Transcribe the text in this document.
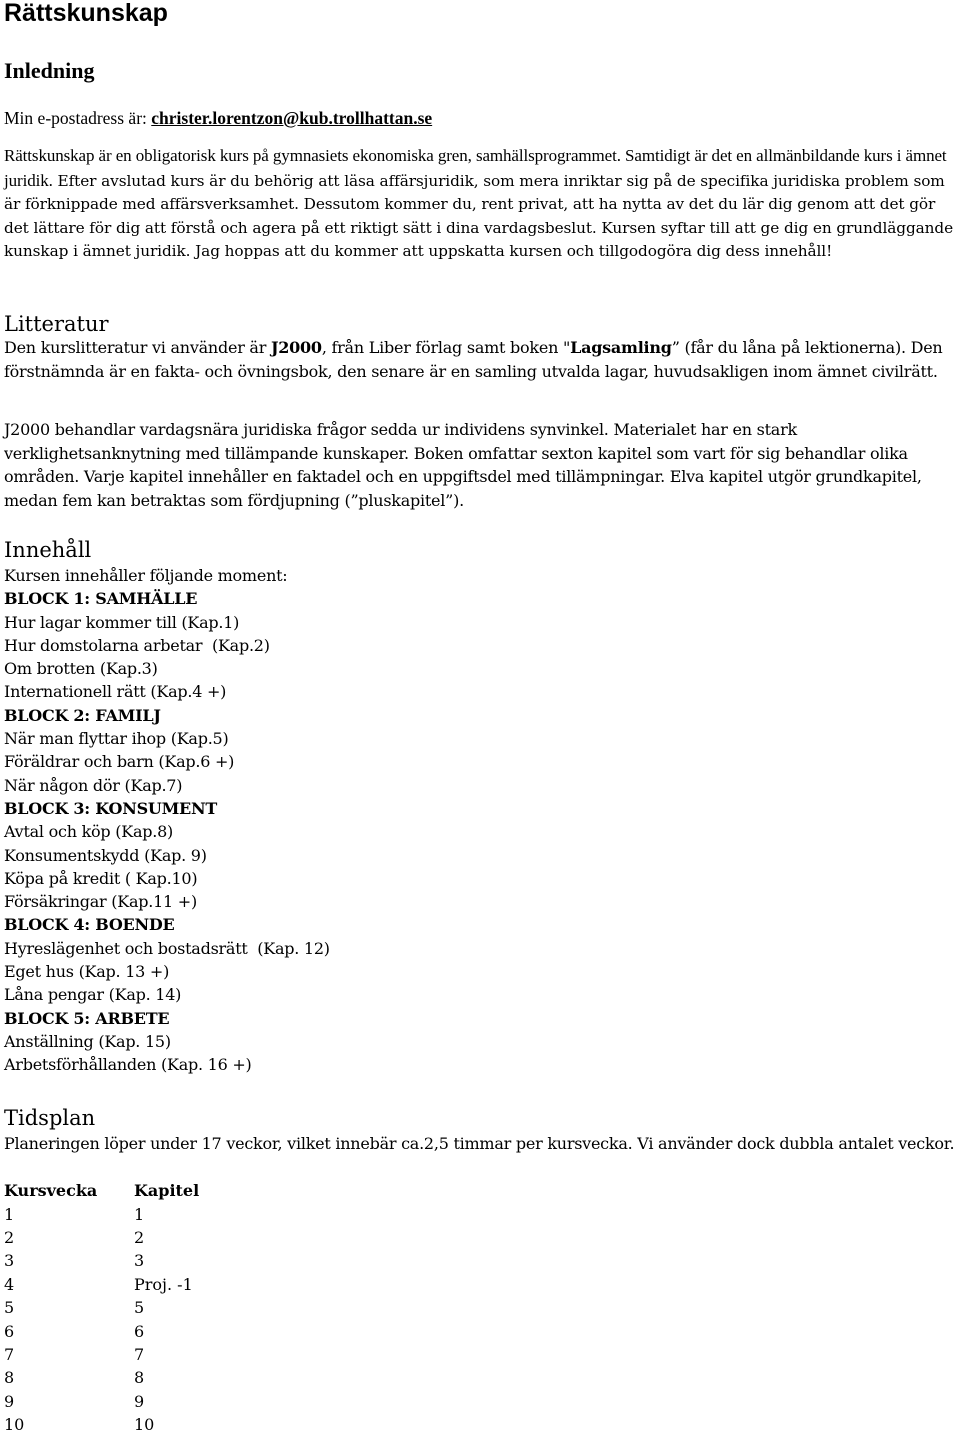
Rättskunskap
Inledning

Min e-postadress är: christer.lorentzon@kub.trollhattan.se

Rättskunskap är en obligatorisk kurs på gymnasiets ekonomiska gren, samhällsprogrammet. Samtidigt är det en allmänbildande kurs i ämnet juridik. Efter avslutad kurs är du behörig att läsa affärsjuridik, som mera inriktar sig på de specifika juridiska problem som är förknippade med affärsverksamhet. Dessutom kommer du, rent privat, att ha nytta av det du lär dig genom att det gör det lättare för dig att förstå och agera på ett riktigt sätt i dina vardagsbeslut. Kursen syftar till att ge dig en grundläggande kunskap i ämnet juridik. Jag hoppas att du kommer att uppskatta kursen och tillgodogöra dig dess innehåll!

Litteratur

Den kurslitteratur vi använder är J2000, från Liber förlag samt boken "Lagsamling” (får du låna på lektionerna). Den förstnämnda är en fakta- och övningsbok, den senare är en samling utvalda lagar, huvudsakligen inom ämnet civilrätt.

J2000 behandlar vardagsnära juridiska frågor sedda ur individens synvinkel. Materialet har en stark verklighetsanknytning med tillämpande kunskaper. Boken omfattar sexton kapitel som vart för sig behandlar olika områden. Varje kapitel innehåller en faktadel och en uppgiftsdel med tillämpningar. Elva kapitel utgör grundkapitel, medan fem kan betraktas som fördjupning (”pluskapitel”).

Innehåll
Kursen innehåller följande moment:
BLOCK 1: SAMHÄLLE
Hur lagar kommer till (Kap.1)
Hur domstolarna arbetar  (Kap.2)
Om brotten (Kap.3)
Internationell rätt (Kap.4 +)
BLOCK 2: FAMILJ
När man flyttar ihop (Kap.5)
Föräldrar och barn (Kap.6 +)
När någon dör (Kap.7)
BLOCK 3: KONSUMENT
Avtal och köp (Kap.8)
Konsumentskydd (Kap. 9)
Köpa på kredit ( Kap.10)
Försäkringar (Kap.11 +)
BLOCK 4: BOENDE
Hyreslägenhet och bostadsrätt  (Kap. 12)
Eget hus (Kap. 13 +)
Låna pengar (Kap. 14)
BLOCK 5: ARBETE
Anställning (Kap. 15)
Arbetsförhållanden (Kap. 16 +)
Tidsplan

Planeringen löper under 17 veckor, vilket innebär ca.2,5 timmar per kursvecka. Vi använder dock dubbla antalet veckor.

Kursvecka	Kapitel
1	1
2	2
3	3
4	Proj. -1
5	5
6	6
7	7
8	8
9	9
10	10
